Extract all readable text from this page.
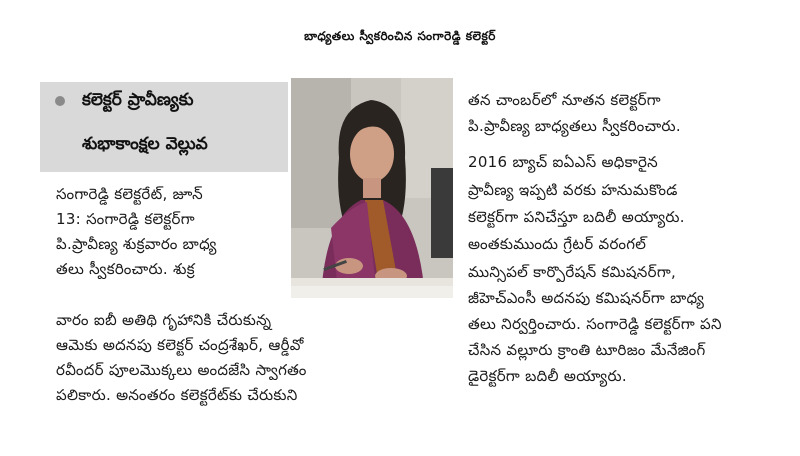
బాధ్యతలు స్వీకరించిన సంగారెడ్డి కలెక్టర్
కలెక్టర్ ప్రావీణ్యకు
శుభాకాంక్షల వెల్లువ
సంగారెడ్డి కలెక్టరేట్, జూన్
13: సంగారెడ్డి కలెక్టర్‌గా
పి.ప్రావీణ్య శుక్రవారం బాధ్య
తలు స్వీకరించారు. శుక్ర
వారం ఐబీ అతిథి గృహానికి చేరుకున్న
ఆమెకు అదనపు కలెక్టర్ చంద్రశేఖర్, ఆర్డీవో
రవీందర్ పూలమొక్కలు అందజేసి స్వాగతం
పలికారు. అనంతరం కలెక్టరేట్‌కు చేరుకుని
తన చాంబర్‌లో నూతన కలెక్టర్‌గా
పి.ప్రావీణ్య బాధ్యతలు స్వీకరించారు.
2016 బ్యాచ్ ఐఏఎస్ అధికారైన
ప్రావీణ్య ఇప్పటి వరకు హనుమకొండ
కలెక్టర్‌గా పనిచేస్తూ బదిలీ అయ్యారు.
అంతకుముందు గ్రేటర్ వరంగల్
మున్సిపల్ కార్పొరేషన్ కమిషనర్‌గా,
జీహెచ్ఎంసీ అదనపు కమిషనర్‌గా బాధ్య
తలు నిర్వర్తించారు. సంగారెడ్డి కలెక్టర్‌గా పని
చేసిన వల్లూరు క్రాంతి టూరిజం మేనేజింగ్
డైరెక్టర్‌గా బదిలీ అయ్యారు.
